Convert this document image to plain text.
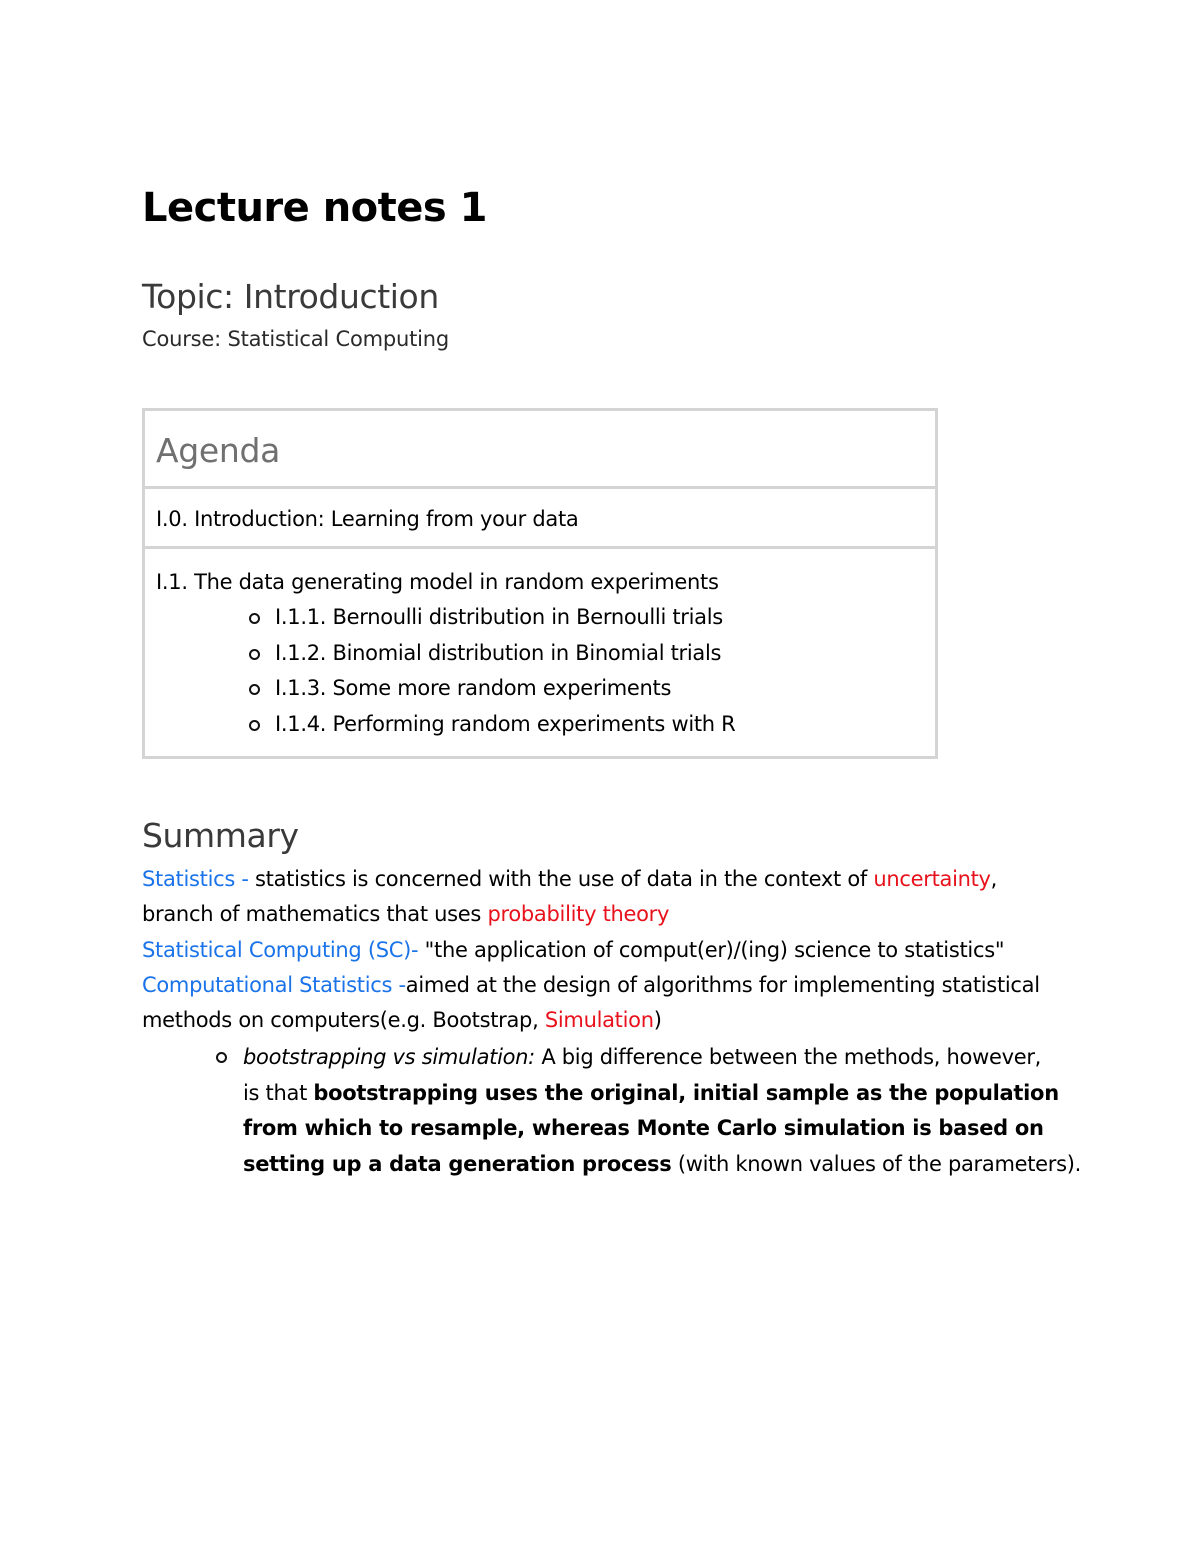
Lecture notes 1
Topic: Introduction
Course: Statistical Computing
Agenda
I.0. Introduction: Learning from your data
I.1. The data generating model in random experiments
I.1.1. Bernoulli distribution in Bernoulli trials
I.1.2. Binomial distribution in Binomial trials
I.1.3. Some more random experiments
I.1.4. Performing random experiments with R
Summary
Statistics - statistics is concerned with the use of data in the context of uncertainty,
branch of mathematics that uses probability theory
Statistical Computing (SC)- "the application of comput(er)/(ing) science to statistics"
Computational Statistics -aimed at the design of algorithms for implementing statistical
methods on computers(e.g. Bootstrap, Simulation)
bootstrapping vs simulation: A big difference between the methods, however,
is that bootstrapping uses the original, initial sample as the population
from which to resample, whereas Monte Carlo simulation is based on
setting up a data generation process (with known values of the parameters).
